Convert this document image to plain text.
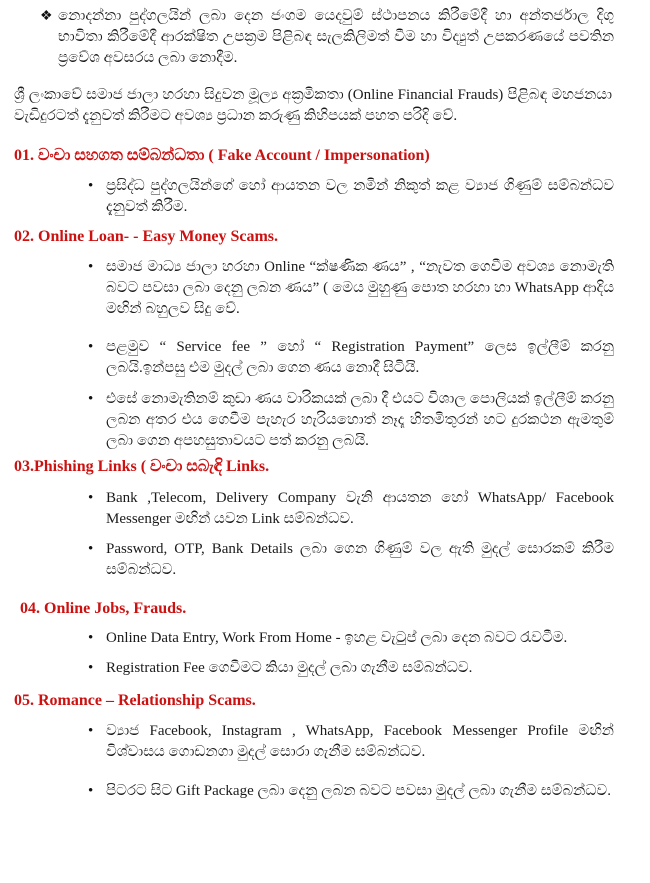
❖ නොදන්නා පුද්ගලයින් ලබා දෙන ජංගම යෙදවුම් ස්ථාපනය කිරීමේදී හා අන්තර්ජාල දිගු භාවිතා කිරීමේදී ආරක්ෂිත උපක්‍රම පිළිබඳ සැලකිලිමත් වීම හා විද්‍යුත් උපකරණයේ පවතින ප්‍රවේශ අවසරය ලබා නොදීම.

ශ්‍රී ලංකාවේ සමාජ ජාලා හරහා සිදුවන මූල්‍ය අක්‍රමිකතා (Online Financial Frauds) පිළිබඳ මහජනයා වැඩිදුරටත් දැනුවත් කිරීමට අවශ්‍ය ප්‍රධාන කරුණු කිහිපයක් පහත පරිදි වේ.

01. වංචා සහගත සම්බන්ධතා ( Fake Account / Impersonation)
• ප්‍රසිද්ධ පුද්ගලයින්ගේ හෝ ආයතන වල නමින් නිකුත් කළ ව්‍යාජ ගිණුම් සම්බන්ධව දැනුවත් කිරීම.
02. Online Loan- - Easy Money Scams.
• සමාජ මාධ්‍ය ජාලා හරහා Online “ක්ෂණික ණය” , “නැවත ගෙවීම අවශ්‍ය නොමැති බවට පවසා ලබා දෙනු ලබන ණය” ( මෙය මුහුණු පොත හරහා හා WhatsApp ආදිය මඟින් බහුලව සිදු වේ.
• පළමුව “ Service fee ” හෝ “ Registration Payment” ලෙස ඉල්ලීම් කරනු ලබයි.ඉන්පසු එම මුදල් ලබා ගෙන ණය නොදී සිටියි.
• එසේ නොමැතිනම් කුඩා ණය වාරිකයක් ලබා දී එයට විශාල පොලියක් ඉල්ලීම් කරනු ලබන අතර එය ගෙවීම පැහැර හැරියහොත් නෑදෑ හිතමිතුරන් හට දුරකථන ඇමතුම් ලබා ගෙන අපහසුතාවයට පත් කරනු ලබයි.
03.Phishing Links ( වංචා සබැඳි Links.
• Bank ,Telecom, Delivery Company වැනි ආයතන හෝ WhatsApp/ Facebook Messenger මඟින් යවන Link සම්බන්ධව.
• Password, OTP, Bank Details ලබා ගෙන ගිණුම් වල ඇති මුදල් සොරකම් කිරීම සම්බන්ධව.
04. Online Jobs, Frauds.
• Online Data Entry, Work From Home - ඉහළ වැටුප් ලබා දෙන බවට රැවටීම.
• Registration Fee ගෙවීමට කියා මුදල් ලබා ගැනීම සම්බන්ධව.
05. Romance – Relationship Scams.
• ව්‍යාජ Facebook, Instagram , WhatsApp, Facebook Messenger Profile මඟින් විශ්වාසය ගොඩනගා මුදල් සොරා ගැනීම සම්බන්ධව.
• පිටරට සිට Gift Package ලබා දෙනු ලබන බවට පවසා මුදල් ලබා ගැනීම සම්බන්ධව.
